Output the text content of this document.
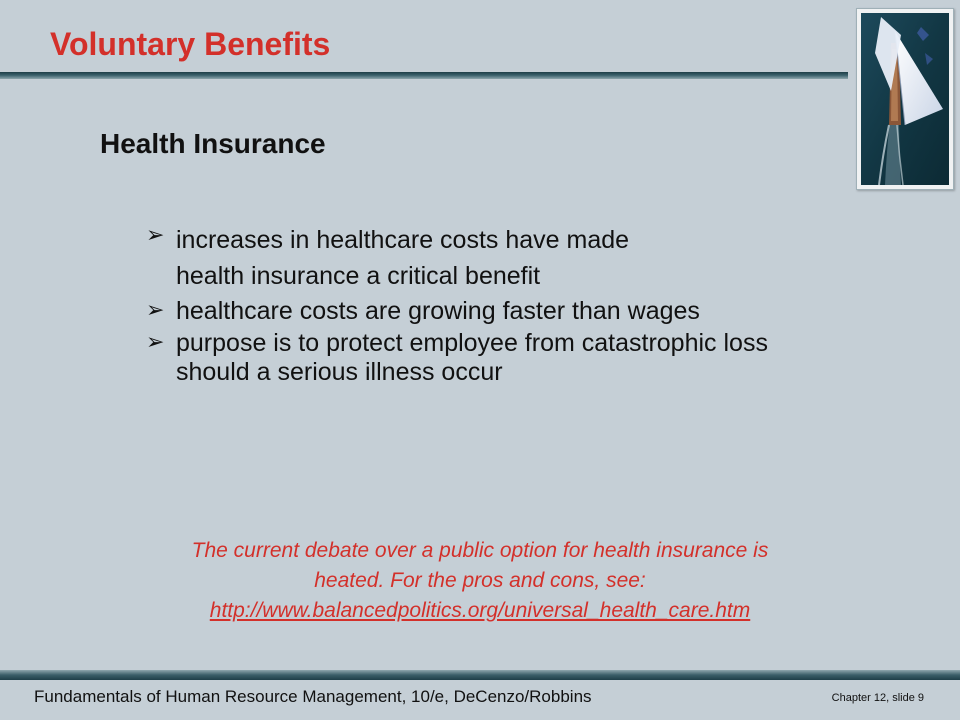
Voluntary Benefits
Health Insurance
➢ increases in healthcare costs have made
health insurance a critical benefit
➢ healthcare costs are growing faster than wages
➢ purpose is to protect employee from catastrophic loss should a serious illness occur
The current debate over a public option for health insurance is
heated. For the pros and cons, see:
http://www.balancedpolitics.org/universal_health_care.htm
Fundamentals of Human Resource Management, 10/e, DeCenzo/Robbins	Chapter 12, slide 9
